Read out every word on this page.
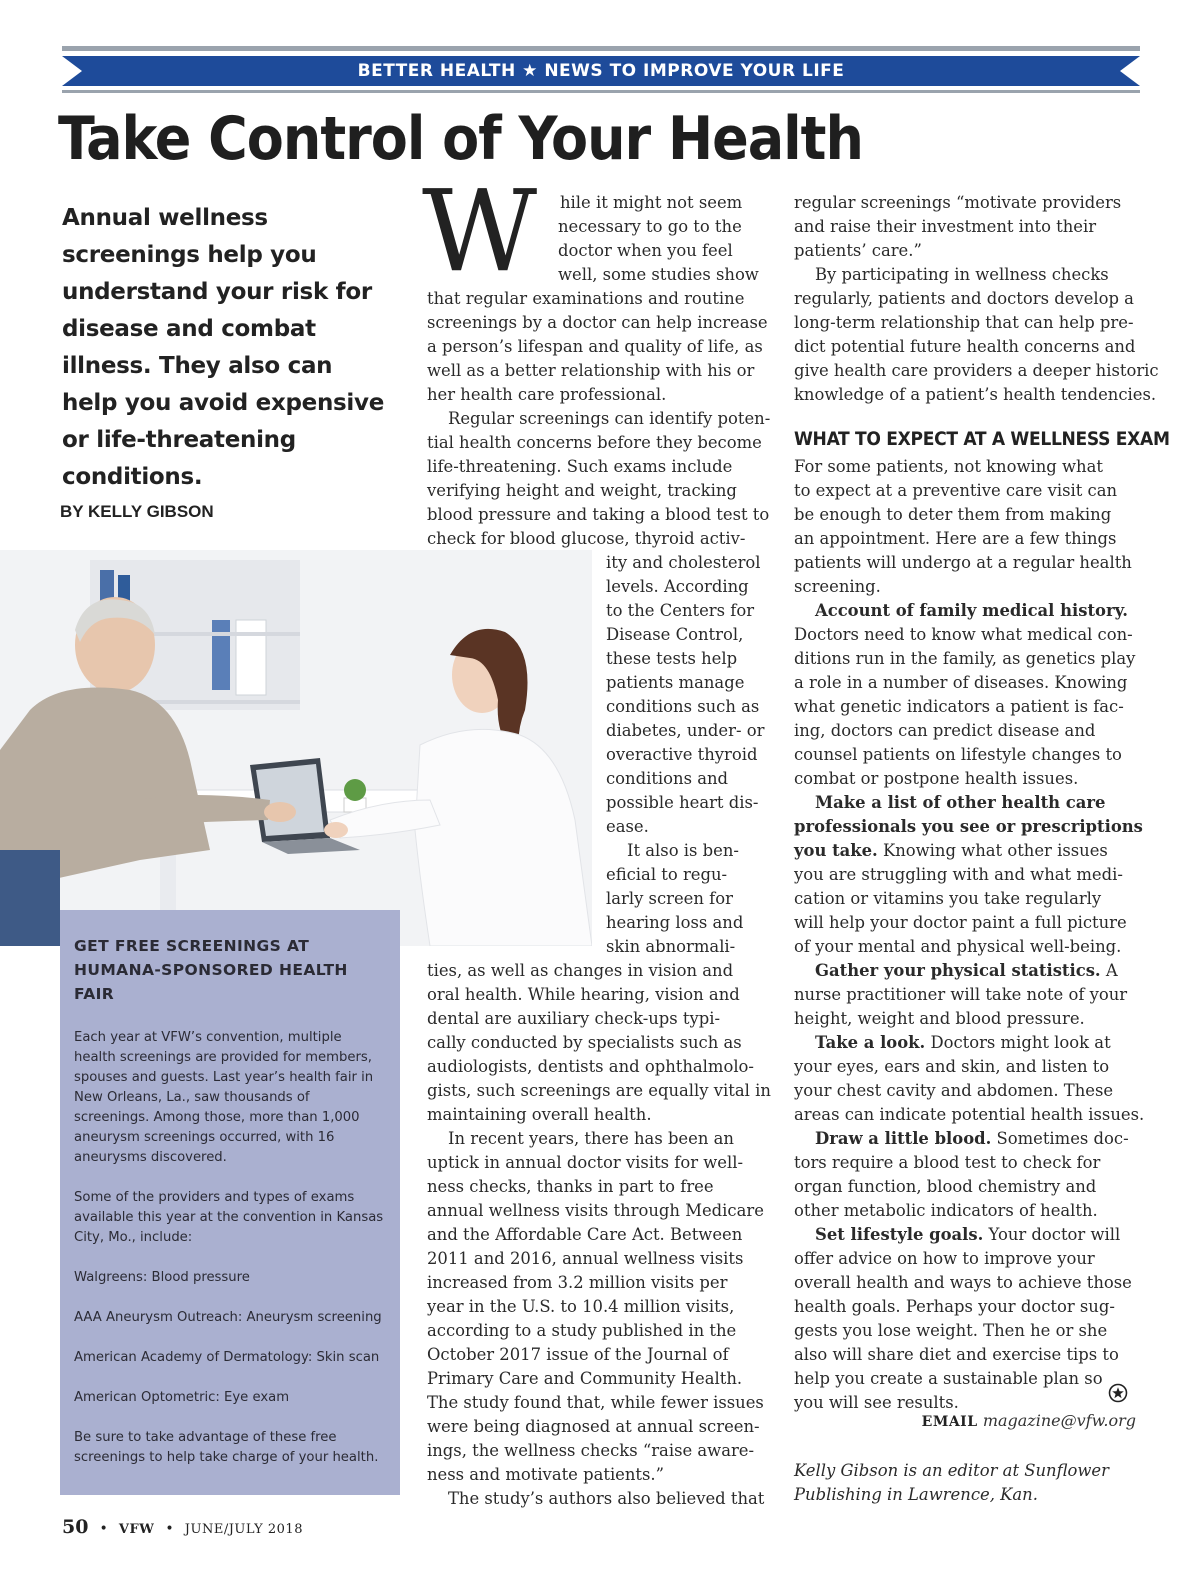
BETTER HEALTH ★ NEWS TO IMPROVE YOUR LIFE
Take Control of Your Health

Annual wellness screenings help you understand your risk for disease and combat illness. They also can help you avoid expensive or life-threatening conditions.

BY KELLY GIBSON

GET FREE SCREENINGS AT HUMANA-SPONSORED HEALTH FAIR

Each year at VFW’s convention, multiple health screenings are provided for members, spouses and guests. Last year’s health fair in New Orleans, La., saw thousands of screenings. Among those, more than 1,000 aneurysm screenings occurred, with 16 aneurysms discovered.

Some of the providers and types of exams available this year at the convention in Kansas City, Mo., include:

Walgreens: Blood pressure

AAA Aneurysm Outreach: Aneurysm screening

American Academy of Dermatology: Skin scan

American Optometric: Eye exam

Be sure to take advantage of these free screenings to help take charge of your health.

W hile it might not seem

necessary to go to the

doctor when you feel

well, some studies show

that regular examinations and routine

screenings by a doctor can help increase

a person’s lifespan and quality of life, as

well as a better relationship with his or

her health care professional.

Regular screenings can identify poten-

tial health concerns before they become

life-threatening. Such exams include

verifying height and weight, tracking

blood pressure and taking a blood test to

check for blood glucose, thyroid activ-

ity and cholesterol

levels. According

to the Centers for

Disease Control,

these tests help

patients manage

conditions such as

diabetes, under- or

overactive thyroid

conditions and

possible heart dis-

ease.

It also is ben-

eficial to regu-

larly screen for

hearing loss and

skin abnormali-

ties, as well as changes in vision and

oral health. While hearing, vision and

dental are auxiliary check-ups typi-

cally conducted by specialists such as

audiologists, dentists and ophthalmolo-

gists, such screenings are equally vital in

maintaining overall health.

In recent years, there has been an

uptick in annual doctor visits for well-

ness checks, thanks in part to free

annual wellness visits through Medicare

and the Affordable Care Act. Between

2011 and 2016, annual wellness visits

increased from 3.2 million visits per

year in the U.S. to 10.4 million visits,

according to a study published in the

October 2017 issue of the Journal of

Primary Care and Community Health.

The study found that, while fewer issues

were being diagnosed at annual screen-

ings, the wellness checks “raise aware-

ness and motivate patients.”

The study’s authors also believed that

regular screenings “motivate providers

and raise their investment into their

patients’ care.”

By participating in wellness checks

regularly, patients and doctors develop a

long-term relationship that can help pre-

dict potential future health concerns and

give health care providers a deeper historic

knowledge of a patient’s health tendencies.

WHAT TO EXPECT AT A WELLNESS EXAM

For some patients, not knowing what

to expect at a preventive care visit can

be enough to deter them from making

an appointment. Here are a few things

patients will undergo at a regular health

screening.

Account of family medical history.

Doctors need to know what medical con-

ditions run in the family, as genetics play

a role in a number of diseases. Knowing

what genetic indicators a patient is fac-

ing, doctors can predict disease and

counsel patients on lifestyle changes to

combat or postpone health issues.

Make a list of other health care

professionals you see or prescriptions

you take. Knowing what other issues

you are struggling with and what medi-

cation or vitamins you take regularly

will help your doctor paint a full picture

of your mental and physical well-being.

Gather your physical statistics. A

nurse practitioner will take note of your

height, weight and blood pressure.

Take a look. Doctors might look at

your eyes, ears and skin, and listen to

your chest cavity and abdomen. These

areas can indicate potential health issues.

Draw a little blood. Sometimes doc-

tors require a blood test to check for

organ function, blood chemistry and

other metabolic indicators of health.

Set lifestyle goals. Your doctor will

offer advice on how to improve your

overall health and ways to achieve those

health goals. Perhaps your doctor sug-

gests you lose weight. Then he or she

also will share diet and exercise tips to

help you create a sustainable plan so

you will see results.

EMAIL magazine@vfw.org

Kelly Gibson is an editor at Sunflower Publishing in Lawrence, Kan.

50 • VFW • JUNE/JULY 2018
